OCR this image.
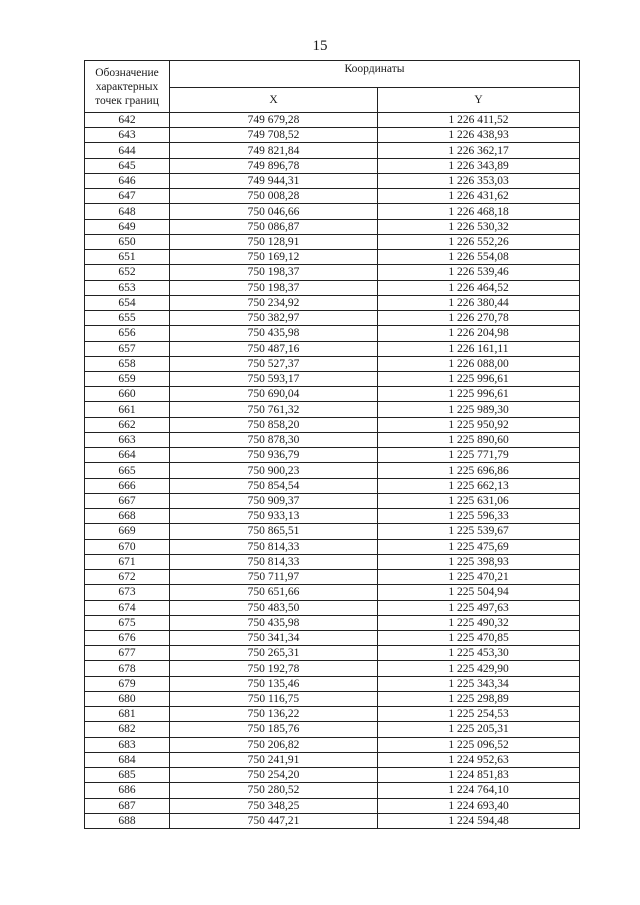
15
Обозначение характерных точек границ	Координаты	
	X	Y
642	749 679,28	1 226 411,52
643	749 708,52	1 226 438,93
644	749 821,84	1 226 362,17
645	749 896,78	1 226 343,89
646	749 944,31	1 226 353,03
647	750 008,28	1 226 431,62
648	750 046,66	1 226 468,18
649	750 086,87	1 226 530,32
650	750 128,91	1 226 552,26
651	750 169,12	1 226 554,08
652	750 198,37	1 226 539,46
653	750 198,37	1 226 464,52
654	750 234,92	1 226 380,44
655	750 382,97	1 226 270,78
656	750 435,98	1 226 204,98
657	750 487,16	1 226 161,11
658	750 527,37	1 226 088,00
659	750 593,17	1 225 996,61
660	750 690,04	1 225 996,61
661	750 761,32	1 225 989,30
662	750 858,20	1 225 950,92
663	750 878,30	1 225 890,60
664	750 936,79	1 225 771,79
665	750 900,23	1 225 696,86
666	750 854,54	1 225 662,13
667	750 909,37	1 225 631,06
668	750 933,13	1 225 596,33
669	750 865,51	1 225 539,67
670	750 814,33	1 225 475,69
671	750 814,33	1 225 398,93
672	750 711,97	1 225 470,21
673	750 651,66	1 225 504,94
674	750 483,50	1 225 497,63
675	750 435,98	1 225 490,32
676	750 341,34	1 225 470,85
677	750 265,31	1 225 453,30
678	750 192,78	1 225 429,90
679	750 135,46	1 225 343,34
680	750 116,75	1 225 298,89
681	750 136,22	1 225 254,53
682	750 185,76	1 225 205,31
683	750 206,82	1 225 096,52
684	750 241,91	1 224 952,63
685	750 254,20	1 224 851,83
686	750 280,52	1 224 764,10
687	750 348,25	1 224 693,40
688	750 447,21	1 224 594,48
